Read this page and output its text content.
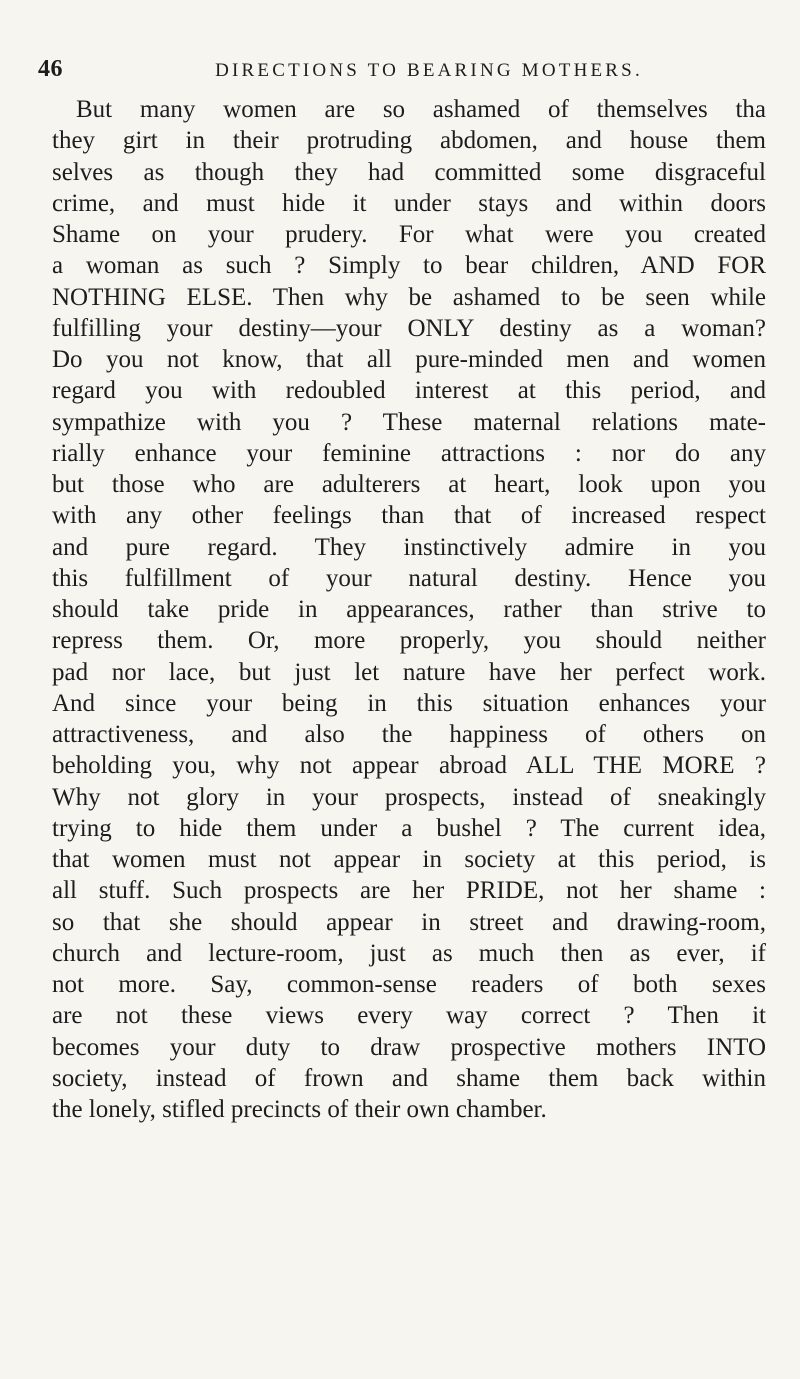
46	DIRECTIONS TO BEARING MOTHERS.
But many women are so ashamed of themselves tha
they girt in their protruding abdomen, and house them
selves as though they had committed some disgraceful
crime, and must hide it under stays and within doors
Shame on your prudery. For what were you created
a woman as such ? Simply to bear children, AND FOR
NOTHING ELSE. Then why be ashamed to be seen while
fulfilling your destiny—your ONLY destiny as a woman?
Do you not know, that all pure-minded men and women
regard you with redoubled interest at this period, and
sympathize with you ? These maternal relations mate-
rially enhance your feminine attractions : nor do any
but those who are adulterers at heart, look upon you
with any other feelings than that of increased respect
and pure regard. They instinctively admire in you
this fulfillment of your natural destiny. Hence you
should take pride in appearances, rather than strive to
repress them. Or, more properly, you should neither
pad nor lace, but just let nature have her perfect work.
And since your being in this situation enhances your
attractiveness, and also the happiness of others on
beholding you, why not appear abroad ALL THE MORE ?
Why not glory in your prospects, instead of sneakingly
trying to hide them under a bushel ? The current idea,
that women must not appear in society at this period, is
all stuff. Such prospects are her PRIDE, not her shame :
so that she should appear in street and drawing-room,
church and lecture-room, just as much then as ever, if
not more. Say, common-sense readers of both sexes
are not these views every way correct ? Then it
becomes your duty to draw prospective mothers INTO
society, instead of frown and shame them back within
the lonely, stifled precincts of their own chamber.
